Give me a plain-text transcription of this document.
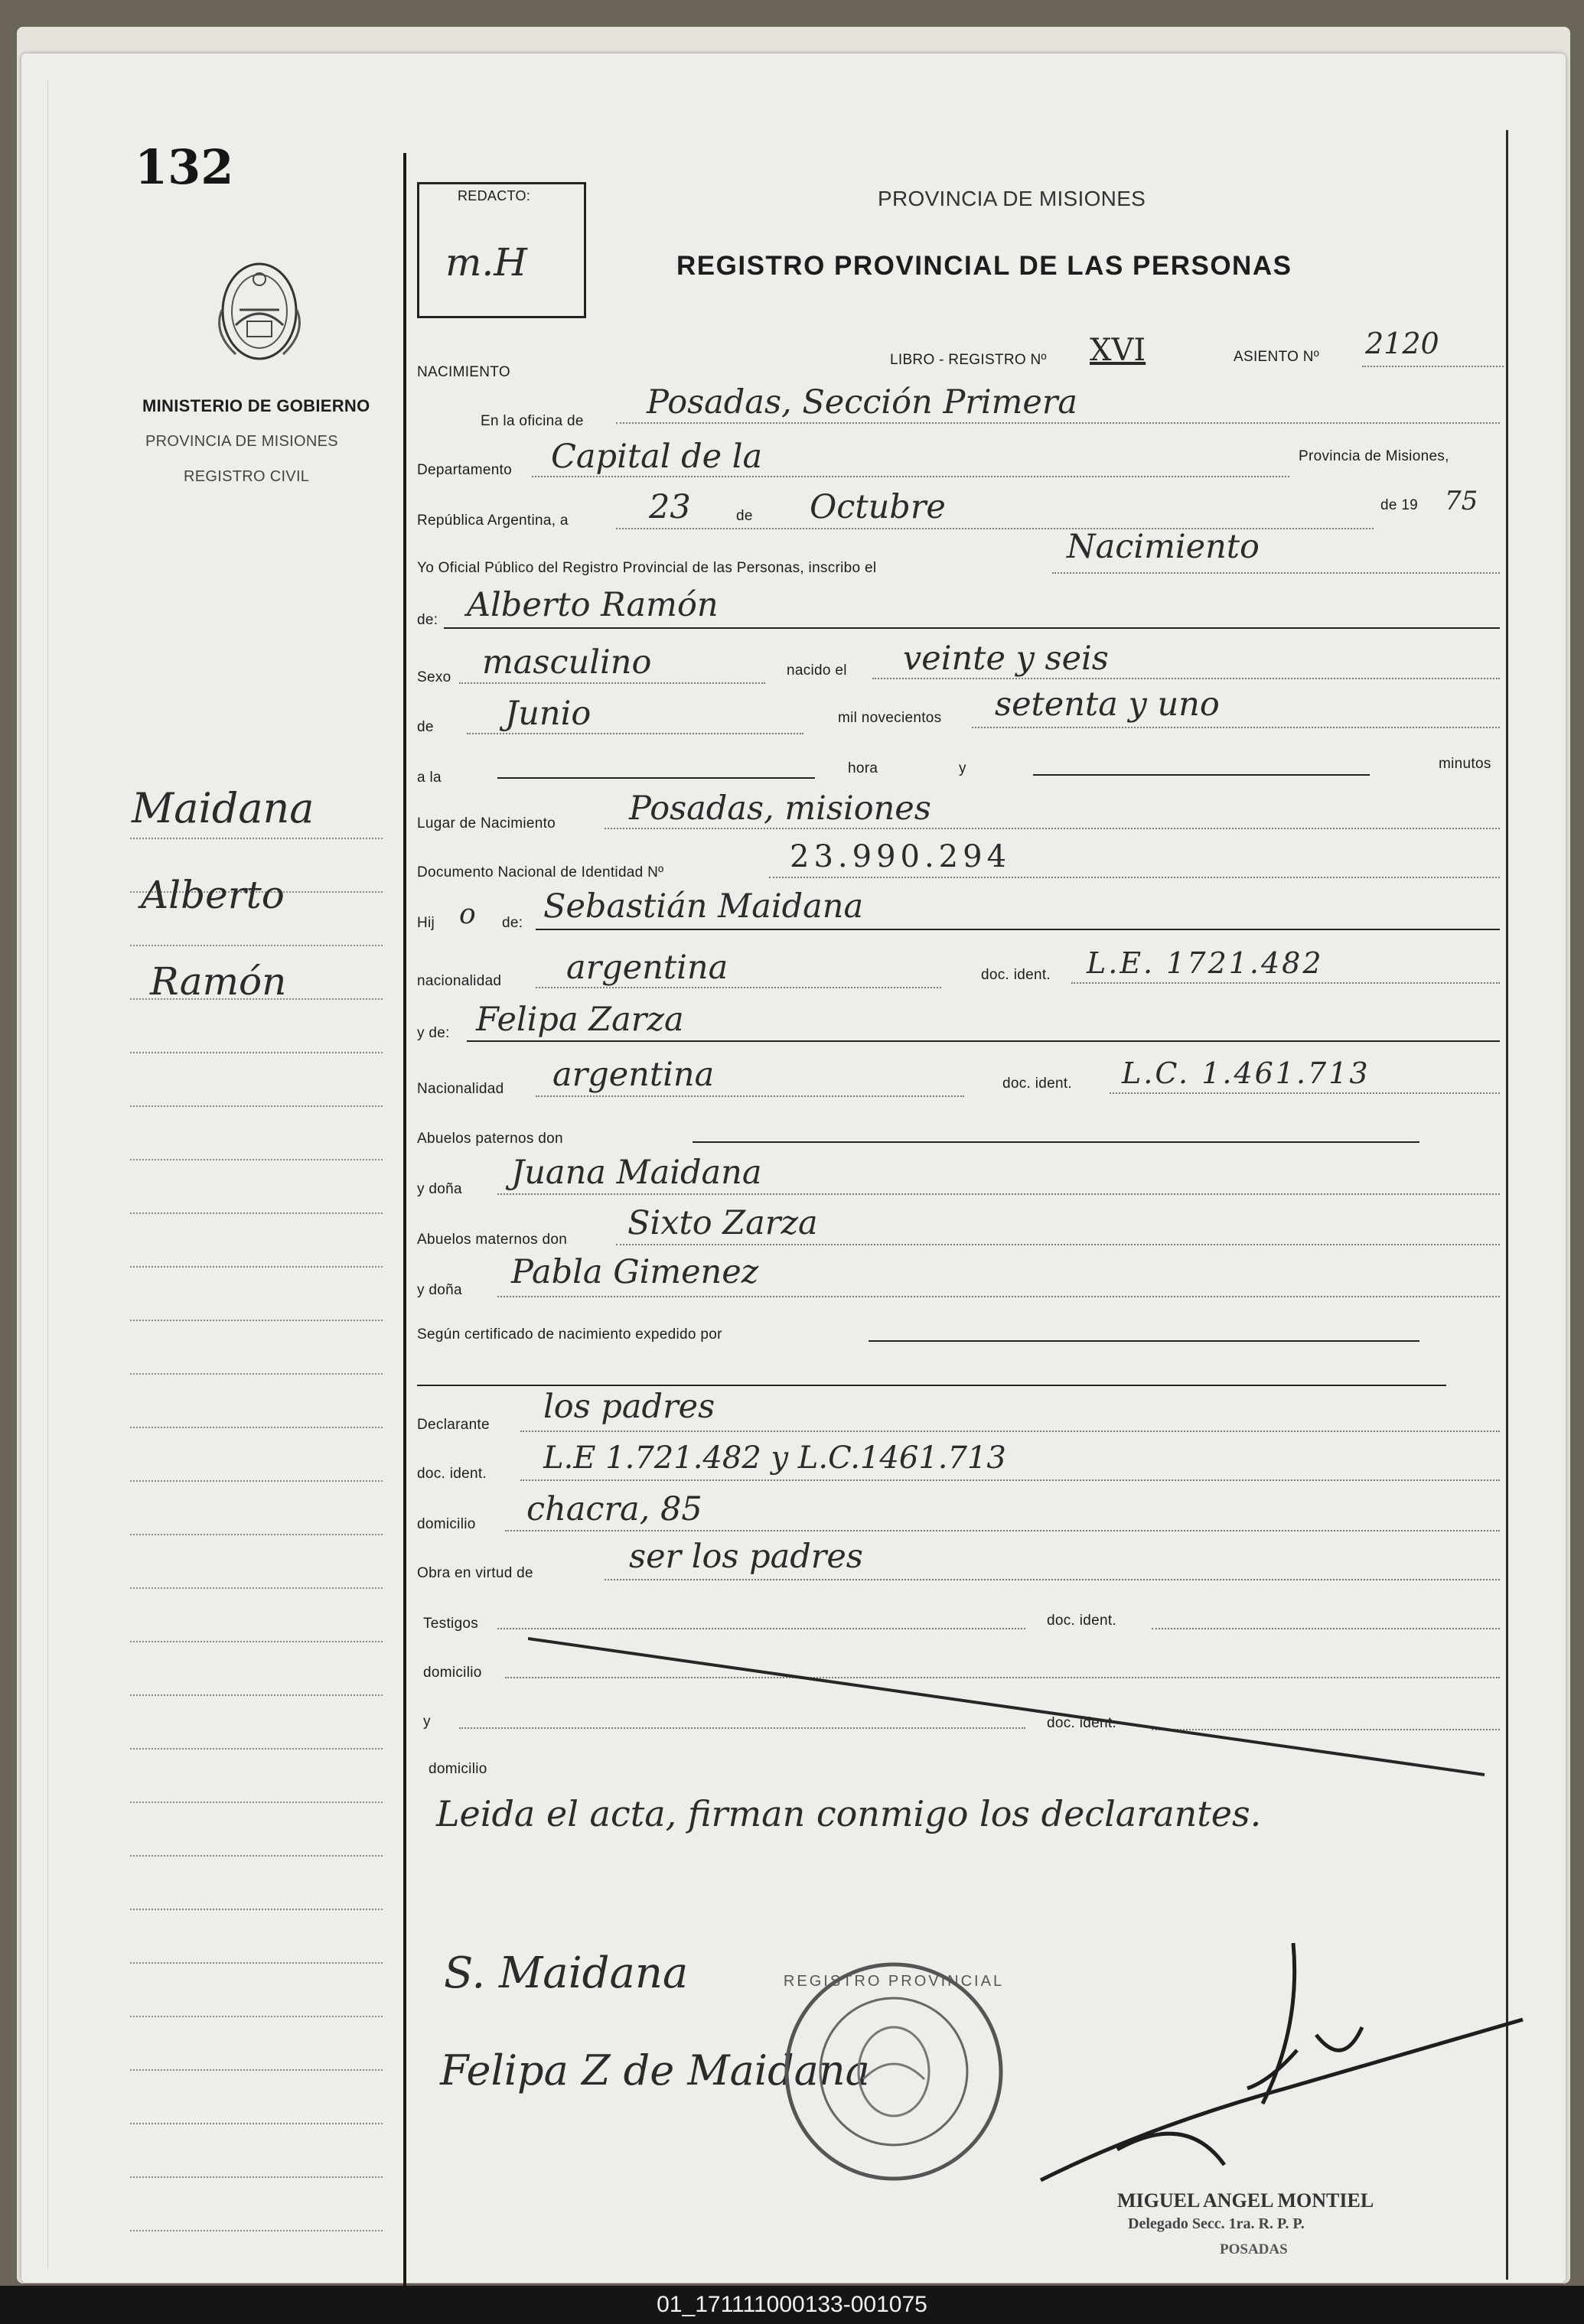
132
MINISTERIO DE GOBIERNO
PROVINCIA DE MISIONES
REGISTRO CIVIL
Maidana
Alberto
Ramón
REDACTO:
m.H
PROVINCIA DE MISIONES
REGISTRO PROVINCIAL DE LAS PERSONAS
NACIMIENTO
LIBRO - REGISTRO Nº XVI	ASIENTO Nº 2120
En la oficina de Posadas, Sección Primera
Departamento Capital de la	Provincia de Misiones,
República Argentina, a 23	de Octubre	de 19 75
Yo Oficial Público del Registro Provincial de las Personas, inscribo el
Nacimiento
de: Alberto Ramón
Sexo masculino	nacido el veinte y seis
de Junio	mil novecientos setenta y uno
a la
hora	y	minutos
Lugar de Nacimiento Posadas, misiones
Documento Nacional de Identidad Nº	23.990.294
Hij o de: Sebastián Maidana
nacionalidad argentina	doc. ident. L.E. 1721.482
y de: Felipa Zarza
Nacionalidad argentina	doc. ident. L.C. 1.461.713
Abuelos paternos don
y doña Juana Maidana
Abuelos maternos don Sixto Zarza
y doña Pabla Gimenez
Según certificado de nacimiento expedido por
Declarante los padres
doc. ident. L.E 1.721.482 y L.C.1461.713
domicilio chacra, 85
Obra en virtud de	ser los padres
Testigos	doc. ident.
domicilio
y	doc. ident.
domicilio
Leida el acta, firman conmigo los declarantes.
S. Maidana
Felipa Z de Maidana
REGISTRO PROVINCIAL
MIGUEL ANGEL MONTIEL
Delegado Secc. 1ra. R. P. P.
POSADAS
01_171111000133-001075
